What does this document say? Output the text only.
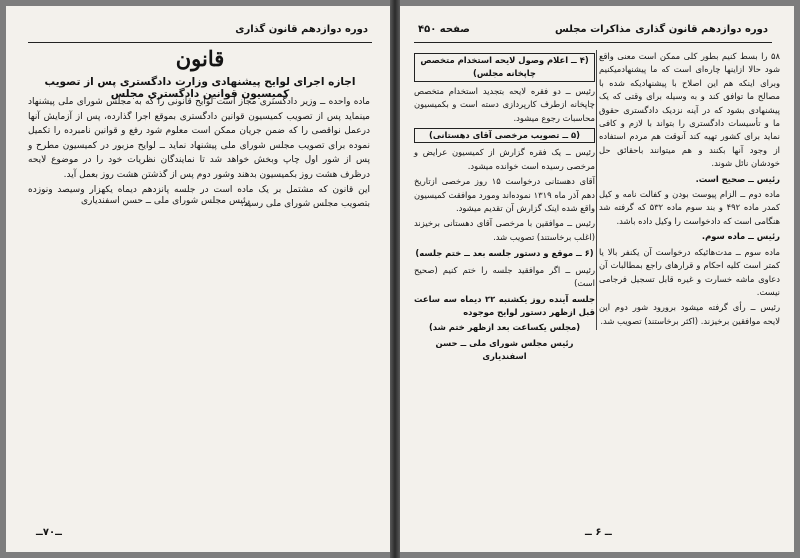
دوره دوازدهم قانون گذاری
قانون
اجازه اجرای لوایح پیشنهادی وزارت دادگستری پس از تصویب کمیسیون قوانین دادگستری مجلس

ماده واحده ــ وزیر دادگستری مجاز است لوایح قانونی را که به مجلس شورای ملی پیشنهاد مینماید پس از تصویب کمیسیون قوانین دادگستری بموقع اجرا گذارده، پس از آزمایش آنها درعمل نواقصی را که ضمن جریان ممکن است معلوم شود رفع و قوانین نامبرده را تکمیل نموده برای تصویب مجلس شورای ملی پیشنهاد نماید ــ لوایح مزبور در کمیسیون مطرح و پس از شور اول چاپ وبخش خواهد شد تا نمایندگان نظریات خود را در موضوع لایحه درظرف هشت روز بکمیسیون بدهند وشور دوم پس از گذشتن هشت روز بعمل آید.

این قانون که مشتمل بر یک ماده است در جلسه پانزدهم دیماه یکهزار وسیصد ونوزده بتصویب مجلس شورای ملی رسید.

رئیس مجلس شورای ملی ــ حسن اسفندیاری
ــ۷۰ــ
دوره دوازدهم قانون گذاری
مذاکرات مجلس
صفحه ۴۵۰

۵۸ را بسط کنیم بطور کلی ممکن است معنی واقع شود حالا ازاینها چاره‌ای است که ما پیشنهادمیکنیم وبرای اینکه هم این اصلاح با پیشنهادیکه شده با مصالح ما توافق کند و به وسیله برای وقتی که یک پیشنهادی بشود که در آینه نزدیک دادگستری حقوق ما و تأسیسات دادگستری را بتواند با لازم و کافی نماید برای کشور تهیه کند آنوقت هم مردم استفاده از وجود آنها بکنند و هم میتوانند باحقائق حل خودشان نائل شوند.

رئیس ــ صحیح است.

ماده دوم ــ الزام پیوست بودن و کفالت نامه و کیل کمدر ماده ۴۹۲ و بند سوم ماده ۵۳۲ که گرفته شد هنگامی است که دادخواست را وکیل داده باشد.

رئیس ــ ماده سوم.

ماده سوم ــ مدت‌هائیکه درخواست آن یکنفر بالا یا کمتر است کلیه احکام و قرارهای راجع بمطالبات آن دعاوی ماشه خسارت و غیره قابل تسجیل فرجامی نیست.

رئیس ــ رأی گرفته میشود برورود شور دوم این لایحه موافقین برخیزند. (اکثر برخاستند) تصویب شد.

(۴ ــ اعلام وصول لایحه استخدام متخصص چاپخانه مجلس)

رئیس ــ دو فقره لایحه بتجدید استخدام متخصص چاپخانه ازطرف کارپردازی دسته است و بکمیسیون محاسبات رجوع میشود.

(۵ ــ تصویب مرخصی آقای دهستانی)

رئیس ــ یک فقره گزارش از کمیسیون عرایض و مرخصی رسیده است خوانده میشود.

آقای دهستانی درخواست ۱۵ روز مرخصی ازتاریخ دهم آذر ماه ۱۳۱۹ نموده‌اند ومورد موافقت کمیسیون واقع شده اینک گزارش آن تقدیم میشود.

رئیس ــ موافقین با مرخصی آقای دهستانی برخیزند (اغلب برخاستند) تصویب شد.

(۶ ــ موقع و دستور جلسه بعد ــ ختم جلسه)

رئیس ــ اگر موافقید جلسه را ختم کنیم (صحیح است)

جلسه آینده روز یکشنبه ۲۲ دیماه سه ساعت قبل ازظهر دستور لوایح موجوده

(مجلس یکساعت بعد ازظهر ختم شد)

رئیس مجلس شورای ملی ــ حسن اسفندیاری

ــ ۶ ــ
